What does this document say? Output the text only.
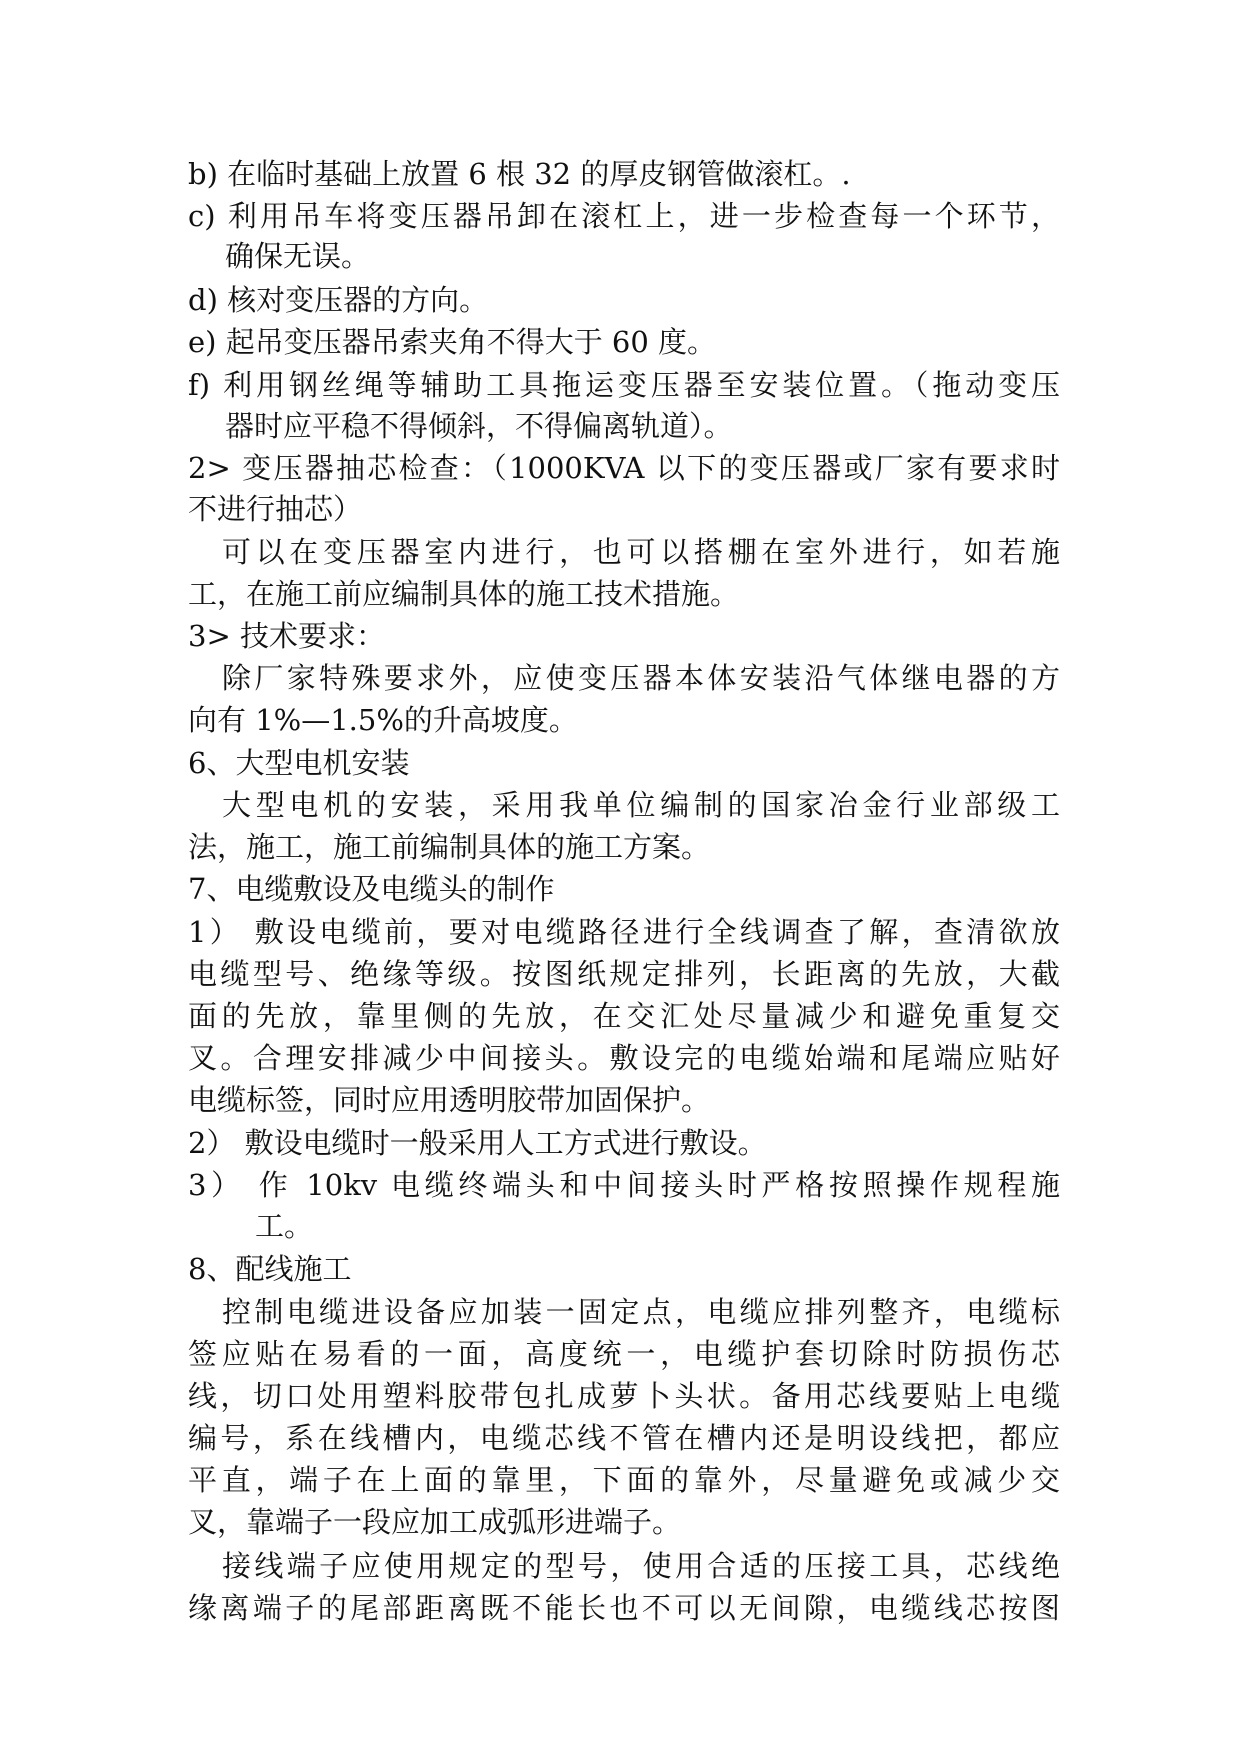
b) 在临时基础上放置 6 根 32 的厚皮钢管做滚杠。.
c) 利用吊车将变压器吊卸在滚杠上，进一步检查每一个环节，
确保无误。
d) 核对变压器的方向。
e) 起吊变压器吊索夹角不得大于 60 度。
f) 利用钢丝绳等辅助工具拖运变压器至安装位置。（拖动变压
器时应平稳不得倾斜，不得偏离轨道）。
2> 变压器抽芯检查：（1000KVA 以下的变压器或厂家有要求时
不进行抽芯）
可以在变压器室内进行，也可以搭棚在室外进行，如若施
工，在施工前应编制具体的施工技术措施。
3> 技术要求：
除厂家特殊要求外，应使变压器本体安装沿气体继电器的方
向有 1%—1.5%的升高坡度。
6、大型电机安装
大型电机的安装，采用我单位编制的国家冶金行业部级工
法，施工，施工前编制具体的施工方案。
7、电缆敷设及电缆头的制作
1） 敷设电缆前，要对电缆路径进行全线调查了解，查清欲放
电缆型号、绝缘等级。按图纸规定排列，长距离的先放，大截
面的先放，靠里侧的先放，在交汇处尽量减少和避免重复交
叉。合理安排减少中间接头。敷设完的电缆始端和尾端应贴好
电缆标签，同时应用透明胶带加固保护。
2） 敷设电缆时一般采用人工方式进行敷设。
3） 作 10kv 电缆终端头和中间接头时严格按照操作规程施
工。
8、配线施工
控制电缆进设备应加装一固定点，电缆应排列整齐，电缆标
签应贴在易看的一面，高度统一，电缆护套切除时防损伤芯
线，切口处用塑料胶带包扎成萝卜头状。备用芯线要贴上电缆
编号，系在线槽内，电缆芯线不管在槽内还是明设线把，都应
平直，端子在上面的靠里，下面的靠外，尽量避免或减少交
叉，靠端子一段应加工成弧形进端子。
接线端子应使用规定的型号，使用合适的压接工具，芯线绝
缘离端子的尾部距离既不能长也不可以无间隙，电缆线芯按图
